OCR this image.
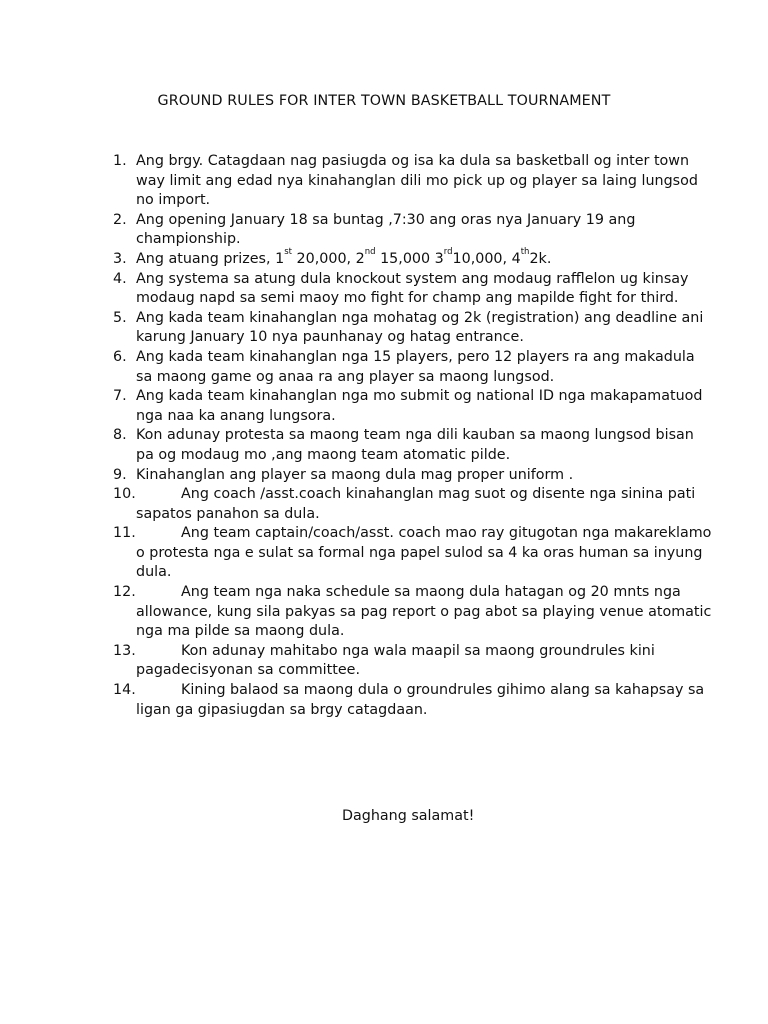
GROUND RULES FOR INTER TOWN BASKETBALL TOURNAMENT
1. Ang brgy. Catagdaan nag pasiugda og isa ka dula sa basketball og inter town way limit ang edad nya kinahanglan dili mo pick up og player sa laing lungsod no import.
2. Ang opening January 18 sa buntag ,7:30 ang oras nya January 19 ang championship.
3. Ang atuang prizes, 1st 20,000, 2nd 15,000 3rd10,000, 4th2k.
4. Ang systema sa atung dula knockout system ang modaug rafflelon ug kinsay modaug napd sa semi maoy mo fight for champ ang mapilde fight for third.
5. Ang kada team kinahanglan nga mohatag og 2k (registration) ang deadline ani karung January 10 nya paunhanay og hatag entrance.
6. Ang kada team kinahanglan nga 15 players, pero 12 players ra ang makadula sa maong game og anaa ra ang player sa maong lungsod.
7. Ang kada team kinahanglan nga mo submit og national ID nga makapamatuod nga naa ka anang lungsora.
8. Kon adunay protesta sa maong team nga dili kauban sa maong lungsod bisan pa og modaug mo ,ang maong team atomatic pilde.
9. Kinahanglan ang player sa maong dula mag proper uniform .
10.	Ang coach /asst.coach kinahanglan mag suot og disente nga sinina pati sapatos panahon sa dula.
11.	Ang team captain/coach/asst. coach mao ray gitugotan nga makareklamo o protesta nga e sulat sa formal nga papel sulod sa 4 ka oras human sa inyung dula.
12.	Ang team nga naka schedule sa maong dula hatagan og 20 mnts nga allowance, kung sila pakyas sa pag report o pag abot sa playing venue atomatic nga ma pilde sa maong dula.
13.	Kon adunay mahitabo nga wala maapil sa maong groundrules kini pagadecisyonan sa committee.
14.	Kining balaod sa maong dula o groundrules gihimo alang sa kahapsay sa ligan ga gipasiugdan sa brgy catagdaan.
Daghang salamat!
